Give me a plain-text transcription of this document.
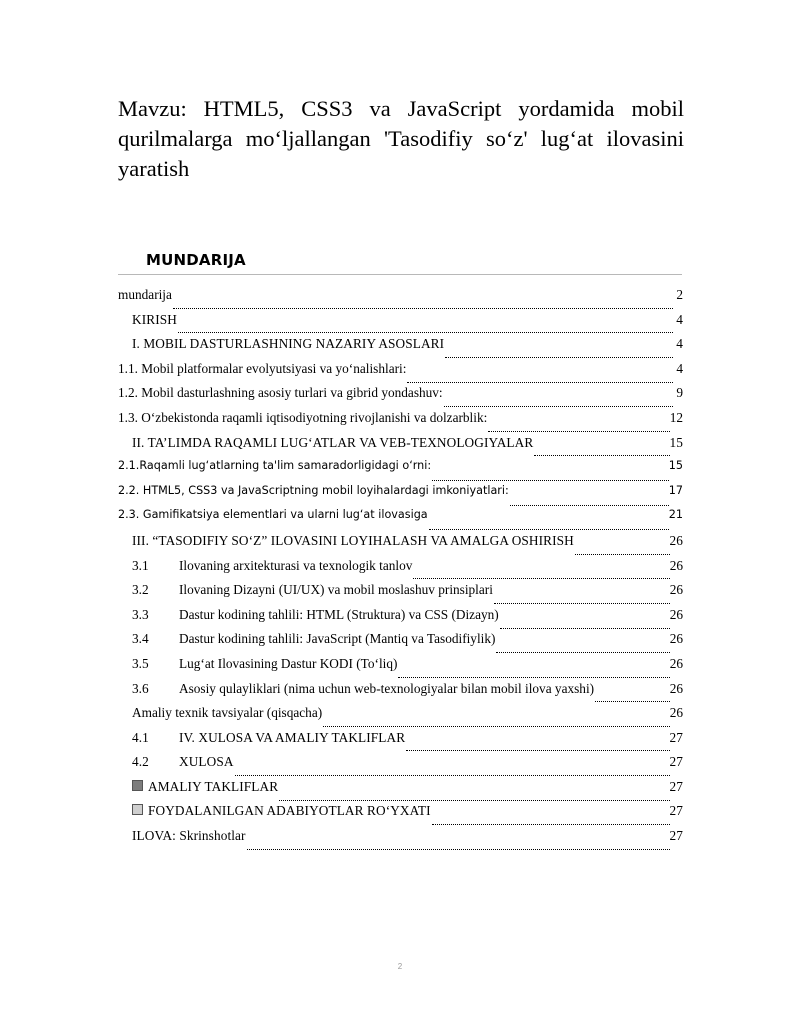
Mavzu: HTML5, CSS3 va JavaScript yordamida mobil qurilmalarga mo‘ljallangan 'Tasodifiy so‘z' lug‘at ilovasini yaratish
MUNDARIJA
mundarija	2
KIRISH	4
I. MOBIL DASTURLASHNING NAZARIY ASOSLARI	4
1.1. Mobil platformalar evolyutsiyasi va yo‘nalishlari:	4
1.2. Mobil dasturlashning asosiy turlari va gibrid yondashuv:	9
1.3. O‘zbekistonda raqamli iqtisodiyotning rivojlanishi va dolzarblik:	12
II. TA’LIMDA RAQAMLI LUG‘ATLAR VA VEB-TEXNOLOGIYALAR	15
2.1.Raqamli lug‘atlarning ta'lim samaradorligidagi o‘rni:	15
2.2. HTML5, CSS3 va JavaScriptning mobil loyihalardagi imkoniyatlari:	17
2.3. Gamifikatsiya elementlari va ularni lug‘at ilovasiga	21
III. “TASODIFIY SO‘Z” ILOVASINI LOYIHALASH VA AMALGA OSHIRISH	26
3.1	Ilovaning arxitekturasi va texnologik tanlov	26
3.2	Ilovaning Dizayni (UI/UX) va mobil moslashuv prinsiplari	26
3.3	Dastur kodining tahlili: HTML (Struktura) va CSS (Dizayn)	26
3.4	Dastur kodining tahlili: JavaScript (Mantiq va Tasodifiylik)	26
3.5	Lug‘at Ilovasining Dastur KODI (To‘liq)	26
3.6	Asosiy qulayliklari (nima uchun web-texnologiyalar bilan mobil ilova yaxshi)	26
Amaliy texnik tavsiyalar (qisqacha)	26
4.1	IV. XULOSA VA AMALIY TAKLIFLAR	27
4.2	XULOSA	27
AMALIY TAKLIFLAR	27
FOYDALANILGAN ADABIYOTLAR RO‘YXATI	27
ILOVA: Skrinshotlar	27
2
